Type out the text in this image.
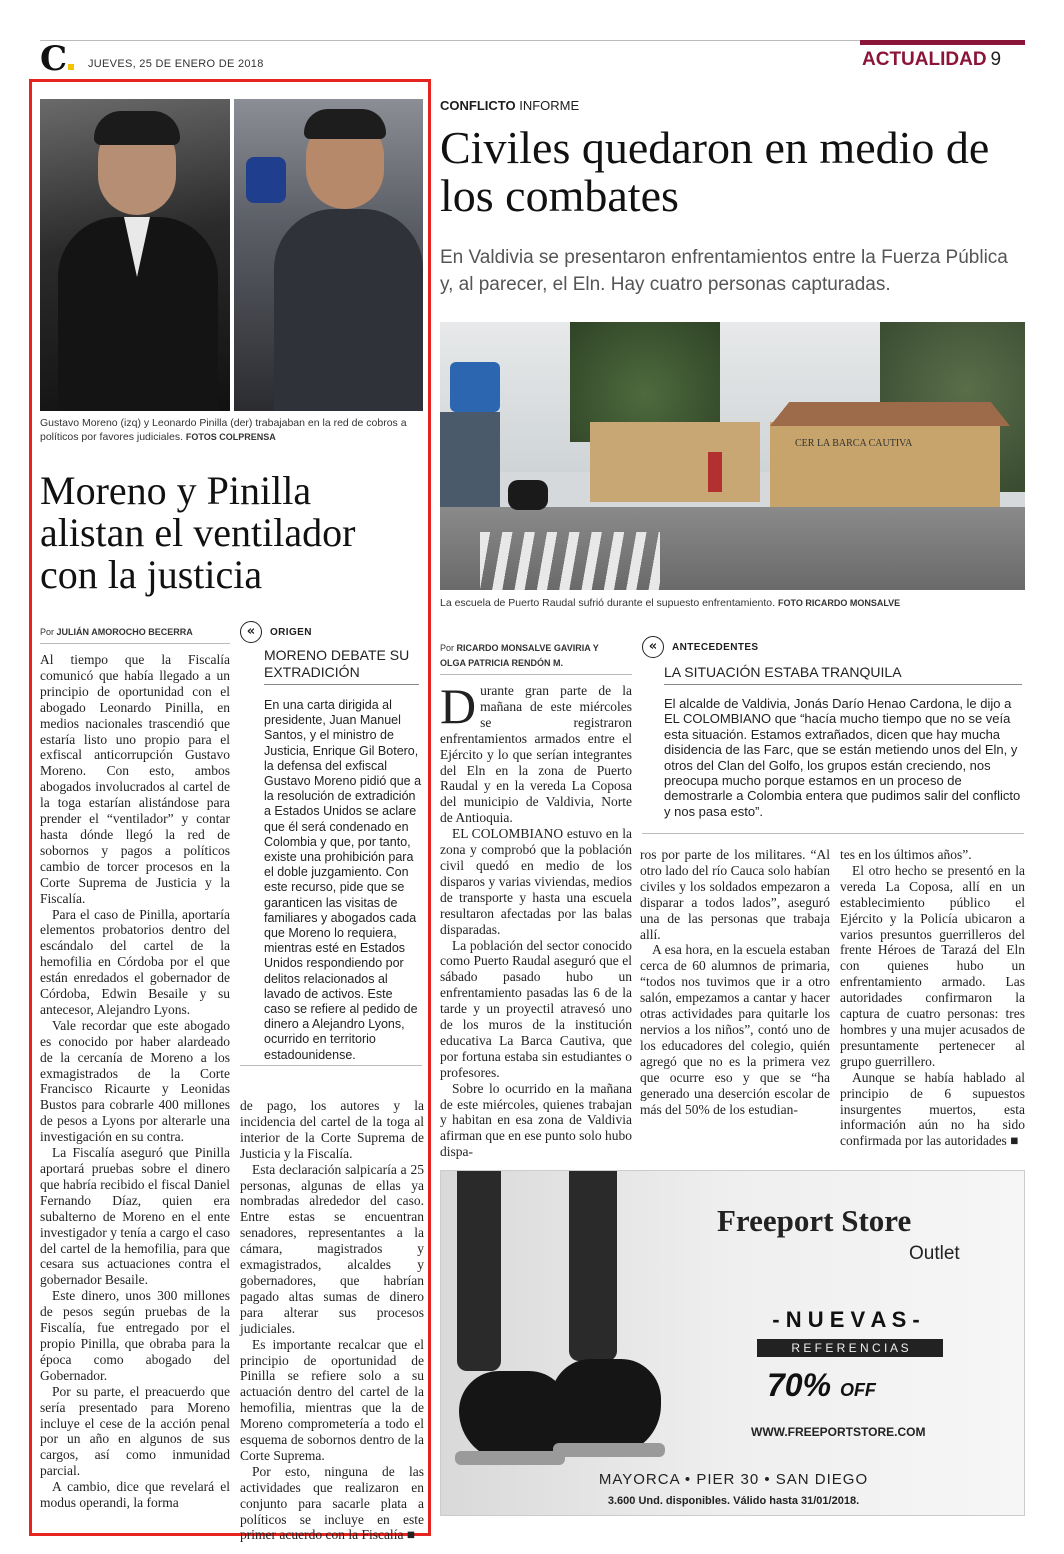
C	JUEVES, 25 DE ENERO DE 2018	ACTUALIDAD 9
Gustavo Moreno (izq) y Leonardo Pinilla (der) trabajaban en la red de cobros a políticos por favores judiciales. FOTOS COLPRENSA
Moreno y Pinilla alistan el ventilador con la justicia
Por JULIÁN AMOROCHO BECERRA

Al tiempo que la Fiscalía comunicó que había llegado a un principio de oportunidad con el abogado Leonardo Pinilla, en medios nacionales trascendió que estaría listo uno propio para el exfiscal anticorrupción Gustavo Moreno. Con esto, ambos abogados involucrados al cartel de la toga estarían alistándose para prender el “ventilador” y contar hasta dónde llegó la red de sobornos y pagos a políticos cambio de torcer procesos en la Corte Suprema de Justicia y la Fiscalía.

Para el caso de Pinilla, aportaría elementos probatorios dentro del escándalo del cartel de la hemofilia en Córdoba por el que están enredados el gobernador de Córdoba, Edwin Besaile y su antecesor, Alejandro Lyons.

Vale recordar que este abogado es conocido por haber alardeado de la cercanía de Moreno a los exmagistrados de la Corte Francisco Ricaurte y Leonidas Bustos para cobrarle 400 millones de pesos a Lyons por alterarle una investigación en su contra.

La Fiscalía aseguró que Pinilla aportará pruebas sobre el dinero que habría recibido el fiscal Daniel Fernando Díaz, quien era subalterno de Moreno en el ente investigador y tenía a cargo el caso del cartel de la hemofilia, para que cesara sus actuaciones contra el gobernador Besaile.

Este dinero, unos 300 millones de pesos según pruebas de la Fiscalía, fue entregado por el propio Pinilla, que obraba para la época como abogado del Gobernador.

Por su parte, el preacuerdo que sería presentado para Moreno incluye el cese de la acción penal por un año en algunos de sus cargos, así como inmunidad parcial.

A cambio, dice que revelará el modus operandi, la forma

«	ORIGEN
MORENO DEBATE SU EXTRADICIÓN
En una carta dirigida al presidente, Juan Manuel Santos, y el ministro de Justicia, Enrique Gil Botero, la defensa del exfiscal Gustavo Moreno pidió que a la resolución de extradición a Estados Unidos se aclare que él será condenado en Colombia y que, por tanto, existe una prohibición para el doble juzgamiento. Con este recurso, pide que se garanticen las visitas de familiares y abogados cada que Moreno lo requiera, mientras esté en Estados Unidos respondiendo por delitos relacionados al lavado de activos. Este caso se refiere al pedido de dinero a Alejandro Lyons, ocurrido en territorio estadounidense.

de pago, los autores y la incidencia del cartel de la toga al interior de la Corte Suprema de Justicia y la Fiscalía.

Esta declaración salpicaría a 25 personas, algunas de ellas ya nombradas alrededor del caso. Entre estas se encuentran senadores, representantes a la cámara, magistrados y exmagistrados, alcaldes y gobernadores, que habrían pagado altas sumas de dinero para alterar sus procesos judiciales.

Es importante recalcar que el principio de oportunidad de Pinilla se refiere solo a su actuación dentro del cartel de la hemofilia, mientras que la de Moreno comprometería a todo el esquema de sobornos dentro de la Corte Suprema.

Por esto, ninguna de las actividades que realizaron en conjunto para sacarle plata a políticos se incluye en este primer acuerdo con la Fiscalía ■

CONFLICTO INFORME
Civiles quedaron en medio de los combates
En Valdivia se presentaron enfrentamientos entre la Fuerza Pública y, al parecer, el Eln. Hay cuatro personas capturadas.
CER LA BARCA CAUTIVA
La escuela de Puerto Raudal sufrió durante el supuesto enfrentamiento. FOTO RICARDO MONSALVE
Por RICARDO MONSALVE GAVIRIA Y
OLGA PATRICIA RENDÓN M.
«	ANTECEDENTES
LA SITUACIÓN ESTABA TRANQUILA
El alcalde de Valdivia, Jonás Darío Henao Cardona, le dijo a EL COLOMBIANO que “hacía mucho tiempo que no se veía esta situación. Estamos extrañados, dicen que hay mucha disidencia de las Farc, que se están metiendo unos del Eln, y otros del Clan del Golfo, los grupos están creciendo, nos preocupa mucho porque estamos en un proceso de demostrarle a Colombia entera que pudimos salir del conflicto y nos pasa esto”.

Durante gran parte de la mañana de este miércoles se registraron enfrentamientos armados entre el Ejército y lo que serían integrantes del Eln en la zona de Puerto Raudal y en la vereda La Coposa del municipio de Valdivia, Norte de Antioquia.

EL COLOMBIANO estuvo en la zona y comprobó que la población civil quedó en medio de los disparos y varias viviendas, medios de transporte y hasta una escuela resultaron afectadas por las balas disparadas.

La población del sector conocido como Puerto Raudal aseguró que el sábado pasado hubo un enfrentamiento pasadas las 6 de la tarde y un proyectil atravesó uno de los muros de la institución educativa La Barca Cautiva, que por fortuna estaba sin estudiantes o profesores.

Sobre lo ocurrido en la mañana de este miércoles, quienes trabajan y habitan en esa zona de Valdivia afirman que en ese punto solo hubo dispa-

ros por parte de los militares. “Al otro lado del río Cauca solo habían civiles y los soldados empezaron a disparar a todos lados”, aseguró una de las personas que trabaja allí.

A esa hora, en la escuela estaban cerca de 60 alumnos de primaria, “todos nos tuvimos que ir a otro salón, empezamos a cantar y hacer otras actividades para quitarle los nervios a los niños”, contó uno de los educadores del colegio, quién agregó que no es la primera vez que ocurre eso y que se “ha generado una deserción escolar de más del 50% de los estudian-

tes en los últimos años”.

El otro hecho se presentó en la vereda La Coposa, allí en un establecimiento público el Ejército y la Policía ubicaron a varios presuntos guerrilleros del frente Héroes de Tarazá del Eln con quienes hubo un enfrentamiento armado. Las autoridades confirmaron la captura de cuatro personas: tres hombres y una mujer acusados de presuntamente pertenecer al grupo guerrillero.

Aunque se había hablado al principio de 6 supuestos insurgentes muertos, esta información aún no ha sido confirmada por las autoridades ■

Freeport Store
Outlet
- N U E V A S -
R E F E R E N C I A S
70% OFF
WWW.FREEPORTSTORE.COM
MAYORCA • PIER 30 • SAN DIEGO
3.600 Und. disponibles. Válido hasta 31/01/2018.
